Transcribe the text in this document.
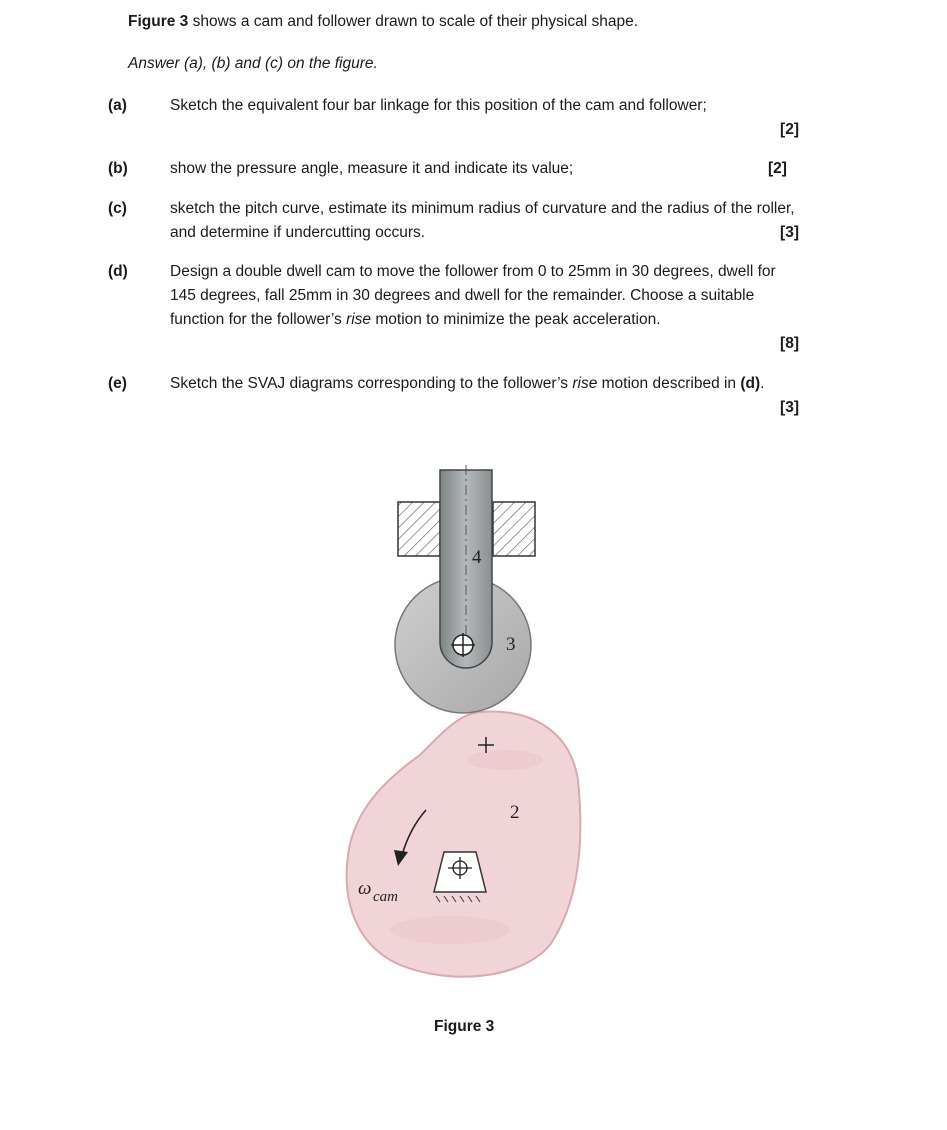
Figure 3 shows a cam and follower drawn to scale of their physical shape.
Answer (a), (b) and (c) on the figure.
(a)	Sketch the equivalent four bar linkage for this position of the cam and follower;
[2]
(b)	show the pressure angle, measure it and indicate its value;	[2]
(c)	sketch the pitch curve, estimate its minimum radius of curvature and the radius of the roller, and determine if undercutting occurs.	[3]
(d)	Design a double dwell cam to move the follower from 0 to 25mm in 30 degrees, dwell for 145 degrees, fall 25mm in 30 degrees and dwell for the remainder. Choose a suitable function for the follower’s rise motion to minimize the peak acceleration.
[8]
(e)	Sketch the SVAJ diagrams corresponding to the follower’s rise motion described in (d).
[3]
4
3
2
ω cam
Figure 3
